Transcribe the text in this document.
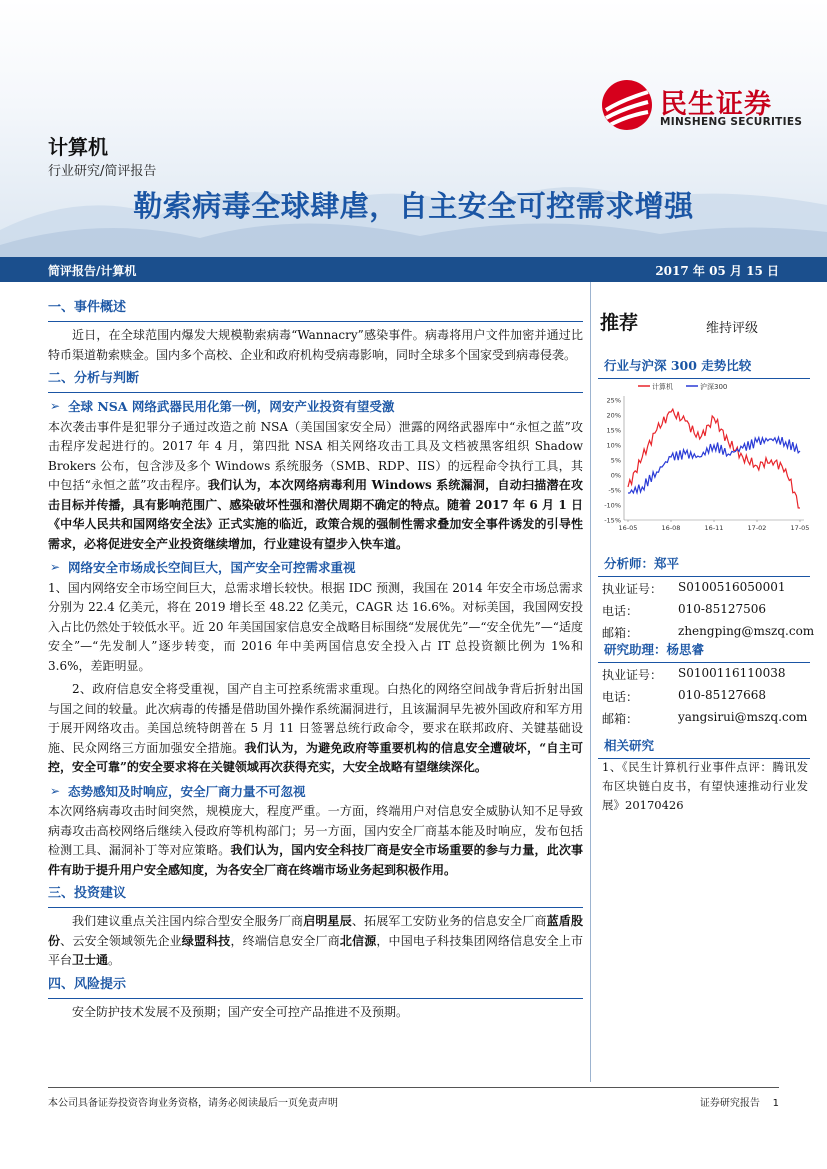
民生证券
MINSHENG SECURITIES
计算机
行业研究/简评报告
勒索病毒全球肆虐，自主安全可控需求增强
简评报告/计算机	2017 年 05 月 15 日
一、事件概述
近日，在全球范围内爆发大规模勒索病毒“Wannacry”感染事件。病毒将用户文件加密并通过比特币渠道勒索赎金。国内多个高校、企业和政府机构受病毒影响，同时全球多个国家受到病毒侵袭。
二、分析与判断
➢ 全球 NSA 网络武器民用化第一例，网安产业投资有望受激
本次袭击事件是犯罪分子通过改造之前 NSA（美国国家安全局）泄露的网络武器库中“永恒之蓝”攻击程序发起进行的。2017 年 4 月，第四批 NSA 相关网络攻击工具及文档被黑客组织 Shadow Brokers 公布，包含涉及多个 Windows 系统服务（SMB、RDP、IIS）的远程命令执行工具，其中包括“永恒之蓝”攻击程序。我们认为，本次网络病毒利用 Windows 系统漏洞，自动扫描潜在攻击目标并传播，具有影响范围广、感染破坏性强和潜伏周期不确定的特点。随着 2017 年 6 月 1 日《中华人民共和国网络安全法》正式实施的临近，政策合规的强制性需求叠加安全事件诱发的引导性需求，必将促进安全产业投资继续增加，行业建设有望步入快车道。
➢ 网络安全市场成长空间巨大，国产安全可控需求重视
1、国内网络安全市场空间巨大，总需求增长较快。根据 IDC 预测，我国在 2014 年安全市场总需求分别为 22.4 亿美元，将在 2019 增长至 48.22 亿美元，CAGR 达 16.6%。对标美国，我国网安投入占比仍然处于较低水平。近 20 年美国国家信息安全战略目标围绕“发展优先”—“安全优先”—“适度安全”—“先发制人”逐步转变，而 2016 年中美两国信息安全投入占 IT 总投资额比例为 1%和 3.6%，差距明显。
2、政府信息安全将受重视，国产自主可控系统需求重现。白热化的网络空间战争背后折射出国与国之间的较量。此次病毒的传播是借助国外操作系统漏洞进行，且该漏洞早先被外国政府和军方用于展开网络攻击。美国总统特朗普在 5 月 11 日签署总统行政命令，要求在联邦政府、关键基础设施、民众网络三方面加强安全措施。我们认为，为避免政府等重要机构的信息安全遭破坏，“自主可控，安全可靠”的安全要求将在关键领域再次获得充实，大安全战略有望继续深化。
➢ 态势感知及时响应，安全厂商力量不可忽视
本次网络病毒攻击时间突然，规模庞大，程度严重。一方面，终端用户对信息安全威胁认知不足导致病毒攻击高校网络后继续入侵政府等机构部门；另一方面，国内安全厂商基本能及时响应，发布包括检测工具、漏洞补丁等对应策略。我们认为，国内安全科技厂商是安全市场重要的参与力量，此次事件有助于提升用户安全感知度，为各安全厂商在终端市场业务起到积极作用。
三、投资建议
我们建议重点关注国内综合型安全服务厂商启明星辰、拓展军工安防业务的信息安全厂商蓝盾股份、云安全领域领先企业绿盟科技，终端信息安全厂商北信源，中国电子科技集团网络信息安全上市平台卫士通。
四、风险提示
安全防护技术发展不及预期；国产安全可控产品推进不及预期。
推荐	维持评级
行业与沪深 300 走势比较
计算机	沪深300
25%
20%
15%
10%
5%
0%
-5%
-10%
-15%
16-05	16-08	16-11	17-02	17-05
分析师：郑平
执业证号： S0100516050001
电话：	010-85127506
邮箱：	zhengping@mszq.com
研究助理：杨思睿
执业证号： S0100116110038
电话：	010-85127668
邮箱：	yangsirui@mszq.com
相关研究
1、《民生计算机行业事件点评：腾讯发布区块链白皮书，有望快速推动行业发展》20170426
本公司具备证券投资咨询业务资格，请务必阅读最后一页免责声明	证券研究报告 1
